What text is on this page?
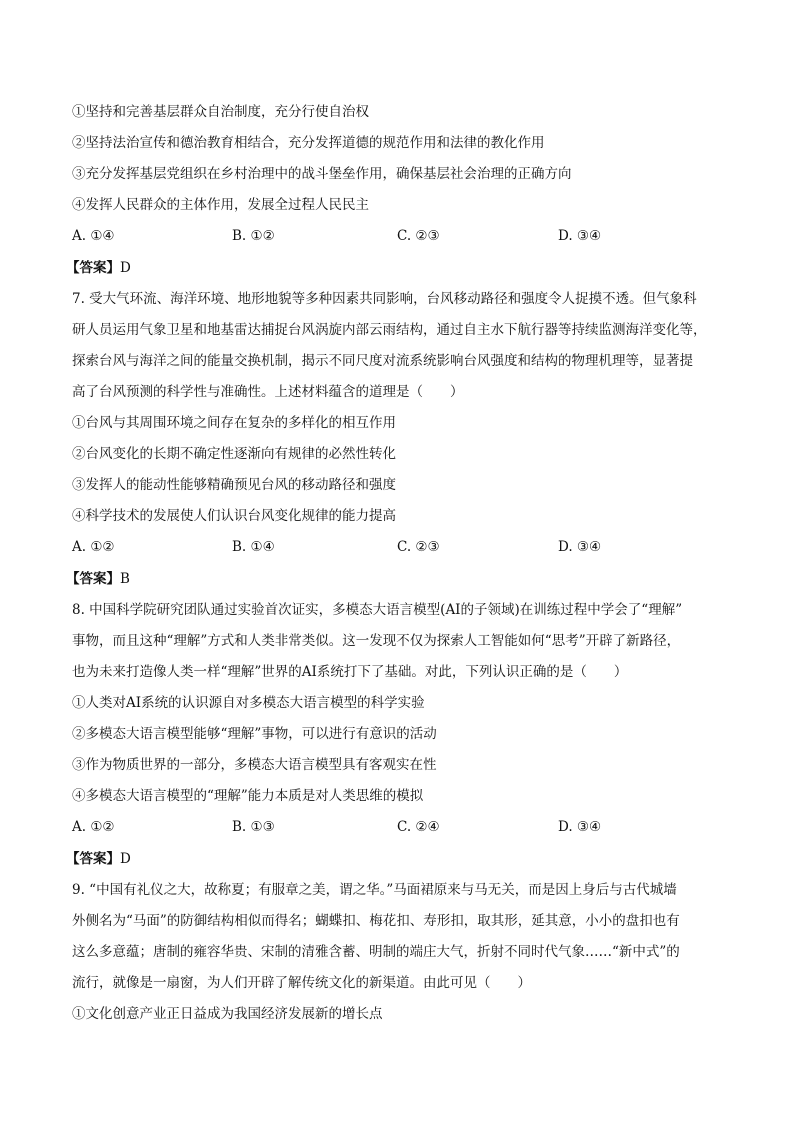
①坚持和完善基层群众自治制度，充分行使自治权
②坚持法治宣传和德治教育相结合，充分发挥道德的规范作用和法律的教化作用
③充分发挥基层党组织在乡村治理中的战斗堡垒作用，确保基层社会治理的正确方向
④发挥人民群众的主体作用，发展全过程人民民主
A. ①④	B. ①②	C. ②③	D. ③④
【答案】D
7. 受大气环流、海洋环境、地形地貌等多种因素共同影响，台风移动路径和强度令人捉摸不透。但气象科
研人员运用气象卫星和地基雷达捕捉台风涡旋内部云雨结构，通过自主水下航行器等持续监测海洋变化等，
探索台风与海洋之间的能量交换机制，揭示不同尺度对流系统影响台风强度和结构的物理机理等，显著提
高了台风预测的科学性与准确性。上述材料蕴含的道理是（　　）
①台风与其周围环境之间存在复杂的多样化的相互作用
②台风变化的长期不确定性逐渐向有规律的必然性转化
③发挥人的能动性能够精确预见台风的移动路径和强度
④科学技术的发展使人们认识台风变化规律的能力提高
A. ①②	B. ①④	C. ②③	D. ③④
【答案】B
8. 中国科学院研究团队通过实验首次证实，多模态大语言模型(AI的子领域)在训练过程中学会了“理解”
事物，而且这种“理解”方式和人类非常类似。这一发现不仅为探索人工智能如何“思考”开辟了新路径，
也为未来打造像人类一样“理解”世界的AI系统打下了基础。对此，下列认识正确的是（　　）
①人类对AI系统的认识源自对多模态大语言模型的科学实验
②多模态大语言模型能够“理解”事物，可以进行有意识的活动
③作为物质世界的一部分，多模态大语言模型具有客观实在性
④多模态大语言模型的“理解”能力本质是对人类思维的模拟
A. ①②	B. ①③	C. ②④	D. ③④
【答案】D
9. “中国有礼仪之大，故称夏；有服章之美，谓之华。”马面裙原来与马无关，而是因上身后与古代城墙
外侧名为“马面”的防御结构相似而得名；蝴蝶扣、梅花扣、寿形扣，取其形，延其意，小小的盘扣也有
这么多意蕴；唐制的雍容华贵、宋制的清雅含蓄、明制的端庄大气，折射不同时代气象……“新中式”的
流行，就像是一扇窗，为人们开辟了解传统文化的新渠道。由此可见（　　）
①文化创意产业正日益成为我国经济发展新的增长点
